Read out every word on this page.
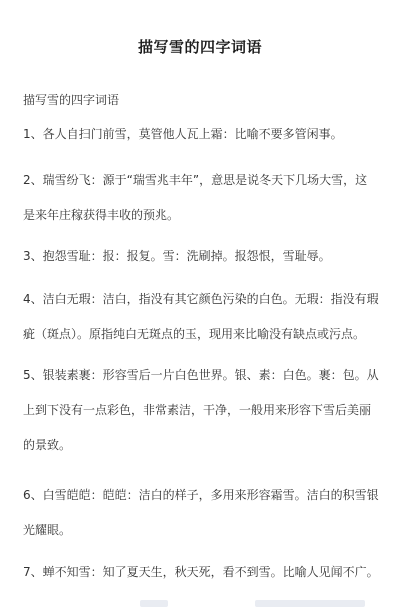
描写雪的四字词语
描写雪的四字词语
1、各人自扫门前雪，莫管他人瓦上霜：比喻不要多管闲事。
2、瑞雪纷飞：源于“瑞雪兆丰年”，意思是说冬天下几场大雪，这
是来年庄稼获得丰收的预兆。
3、抱怨雪耻：报：报复。雪：洗刷掉。报怨恨，雪耻辱。
4、洁白无瑕：洁白，指没有其它颜色污染的白色。无瑕：指没有瑕
疵（斑点）。原指纯白无斑点的玉，现用来比喻没有缺点或污点。
5、银装素裹：形容雪后一片白色世界。银、素：白色。裹：包。从
上到下没有一点彩色，非常素洁，干净，一般用来形容下雪后美丽
的景致。
6、白雪皑皑：皑皑：洁白的样子，多用来形容霜雪。洁白的积雪银
光耀眼。
7、蝉不知雪：知了夏天生，秋天死，看不到雪。比喻人见闻不广。
